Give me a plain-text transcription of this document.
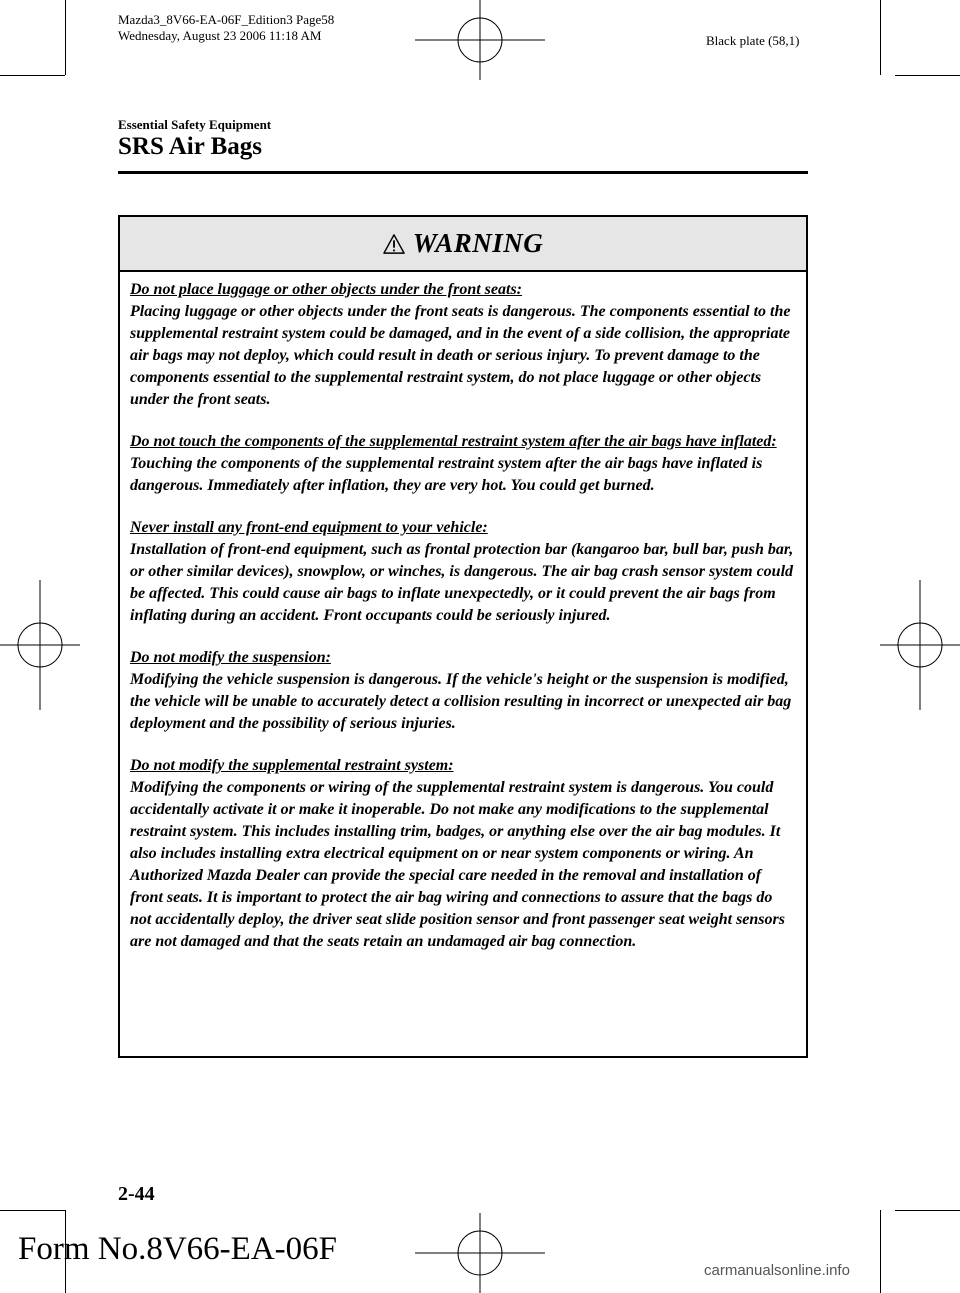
Mazda3_8V66-EA-06F_Edition3 Page58
Wednesday, August 23 2006 11:18 AM	Black plate (58,1)
Essential Safety Equipment
SRS Air Bags
WARNING
Do not place luggage or other objects under the front seats:
Placing luggage or other objects under the front seats is dangerous. The components essential to the supplemental restraint system could be damaged, and in the event of a side collision, the appropriate air bags may not deploy, which could result in death or serious injury. To prevent damage to the components essential to the supplemental restraint system, do not place luggage or other objects under the front seats.
Do not touch the components of the supplemental restraint system after the air bags have inflated:
Touching the components of the supplemental restraint system after the air bags have inflated is dangerous. Immediately after inflation, they are very hot. You could get burned.
Never install any front-end equipment to your vehicle:
Installation of front-end equipment, such as frontal protection bar (kangaroo bar, bull bar, push bar, or other similar devices), snowplow, or winches, is dangerous. The air bag crash sensor system could be affected. This could cause air bags to inflate unexpectedly, or it could prevent the air bags from inflating during an accident. Front occupants could be seriously injured.
Do not modify the suspension:
Modifying the vehicle suspension is dangerous. If the vehicle's height or the suspension is modified, the vehicle will be unable to accurately detect a collision resulting in incorrect or unexpected air bag deployment and the possibility of serious injuries.
Do not modify the supplemental restraint system:
Modifying the components or wiring of the supplemental restraint system is dangerous. You could accidentally activate it or make it inoperable. Do not make any modifications to the supplemental restraint system. This includes installing trim, badges, or anything else over the air bag modules. It also includes installing extra electrical equipment on or near system components or wiring. An Authorized Mazda Dealer can provide the special care needed in the removal and installation of front seats. It is important to protect the air bag wiring and connections to assure that the bags do not accidentally deploy, the driver seat slide position sensor and front passenger seat weight sensors are not damaged and that the seats retain an undamaged air bag connection.
2-44
Form No.8V66-EA-06F
carmanualsonline.info
